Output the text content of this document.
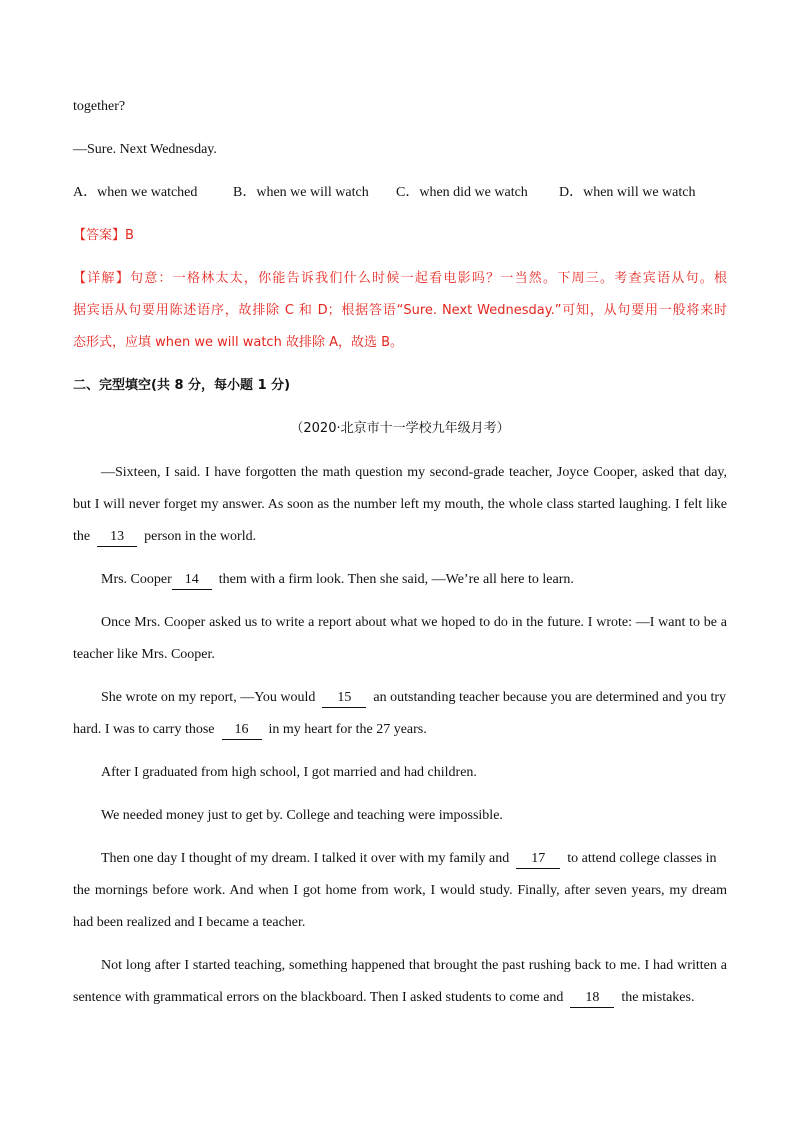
together?

—Sure. Next Wednesday.

A．when we watched	B．when we will watch C．when did we watch D．when will we watch

【答案】B

【详解】句意：一格林太太，你能告诉我们什么时候一起看电影吗？一当然。下周三。考查宾语从句。根

据宾语从句要用陈述语序，故排除 C 和 D；根据答语“Sure. Next Wednesday.”可知，从句要用一般将来时

态形式，应填 when we will watch 故排除 A，故选 B。

二、完型填空(共 8 分，每小题 1 分)

（2020·北京市十一学校九年级月考）

―Sixteen, I said. I have forgotten the math question my second-grade teacher, Joyce Cooper, asked that day,

but I will never forget my answer. As soon as the number left my mouth, the whole class started laughing. I felt like

the 13 person in the world.

Mrs. Cooper 14 them with a firm look. Then she said, ―We’re all here to learn.

Once Mrs. Cooper asked us to write a report about what we hoped to do in the future. I wrote: ―I want to be a

teacher like Mrs. Cooper.

She wrote on my report, ―You would 15 an outstanding teacher because you are determined and you try

hard. I was to carry those 16 in my heart for the 27 years.

After I graduated from high school, I got married and had children.

We needed money just to get by. College and teaching were impossible.

Then one day I thought of my dream. I talked it over with my family and 17 to attend college classes in

the mornings before work. And when I got home from work, I would study. Finally, after seven years, my dream

had been realized and I became a teacher.

Not long after I started teaching, something happened that brought the past rushing back to me. I had written a

sentence with grammatical errors on the blackboard. Then I asked students to come and 18 the mistakes.
